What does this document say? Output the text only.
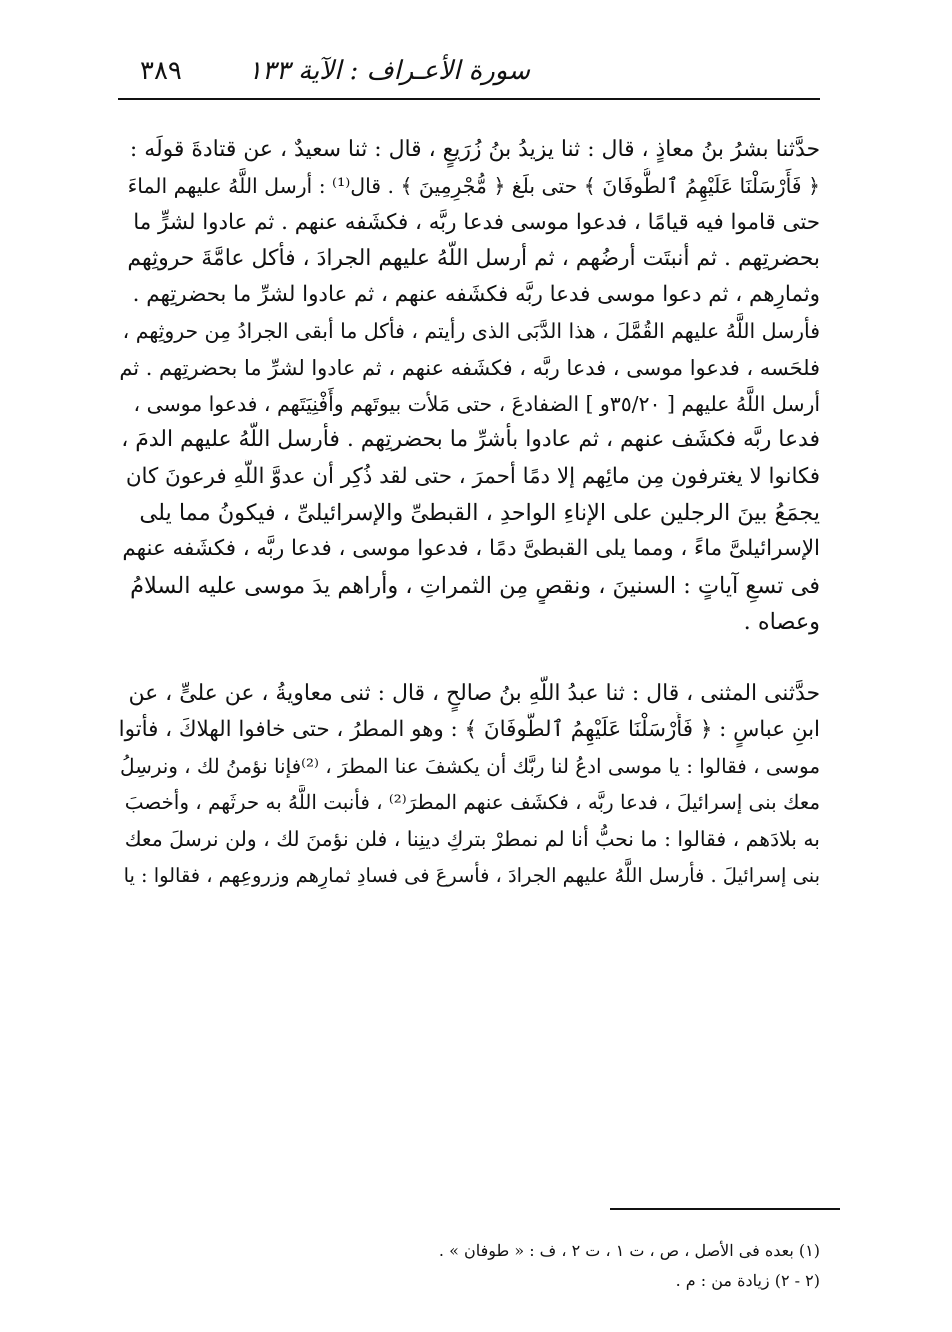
سورة الأعـراف : الآية ١٣٣
٣٨٩
حدَّثنا بشرُ بنُ معاذٍ ، قال : ثنا يزيدُ بنُ زُرَيعٍ ، قال : ثنا سعيدٌ ، عن قتادةَ قولَه :
﴿ فَأَرْسَلْنَا عَلَيْهِمُ ٱلطُّوفَانَ ﴾ حتى بلَغ ﴿ مُّجْرِمِينَ ﴾ . قال⁽¹⁾ : أرسل اللَّهُ عليهم الماءَ
حتى قاموا فيه قيامًا ، فدعوا موسى فدعا ربَّه ، فكشَفه عنهم . ثم عادوا لشرٍّ ما
بحضرتِهم . ثم أنبتَت أرضُهم ، ثم أرسل اللَّهُ عليهم الجرادَ ، فأكل عامَّةَ حروثِهم
وثمارِهم ، ثم دعوا موسى فدعا ربَّه فكشَفه عنهم ، ثم عادوا لشرِّ ما بحضرتِهم .
فأرسل اللَّهُ عليهم القُمَّلَ ، هذا الدَّبَى الذى رأيتم ، فأكل ما أبقى الجرادُ مِن حروثِهم ،
فلحَسه ، فدعوا موسى ، فدعا ربَّه ، فكشَفه عنهم ، ثم عادوا لشرِّ ما بحضرتِهم . ثم
أرسل اللَّهُ عليهم [ ٣٥/٢٠و ] الضفادعَ ، حتى مَلأت بيوتَهم وأَفْنِيَتَهم ، فدعوا موسى ،
فدعا ربَّه فكشَف عنهم ، ثم عادوا بأشرِّ ما بحضرتِهم . فأرسل اللَّهُ عليهم الدمَ ،
فكانوا لا يغترفون مِن مائِهم إلا دمًا أحمرَ ، حتى لقد ذُكِر أن عدوَّ اللَّهِ فرعونَ كان
يجمَعُ بينَ الرجلين على الإناءِ الواحدِ ، القبطىِّ والإسرائيلىِّ ، فيكونُ مما يلى
الإسرائيلىَّ ماءً ، ومما يلى القبطىَّ دمًا ، فدعوا موسى ، فدعا ربَّه ، فكشَفه عنهم
فى تسعِ آياتٍ : السنينَ ، ونقصٍ مِن الثمراتِ ، وأراهم يدَ موسى عليه السلامُ
وعصاه .
حدَّثنى المثنى ، قال : ثنا عبدُ اللَّهِ بنُ صالحٍ ، قال : ثنى معاويةُ ، عن علىٍّ ، عن
ابنِ عباسٍ : ﴿ فَأَرْسَلْنَا عَلَيْهِمُ ٱلطُّوفَانَ ﴾ : وهو المطرُ ، حتى خافوا الهلاكَ ، فأتوا
موسى ، فقالوا : يا موسى ادعُ لنا ربَّك أن يكشفَ عنا المطرَ ، ⁽²⁾فإنا نؤمنُ لك ، ونرسِلُ
معك بنى إسرائيلَ ، فدعا ربَّه ، فكشَف عنهم المطرَ⁽²⁾ ، فأنبت اللَّهُ به حرثَهم ، وأخصبَ
به بلادَهم ، فقالوا : ما نحبُّ أنا لم نمطرْ بتركِ دينِنا ، فلن نؤمنَ لك ، ولن نرسلَ معك
بنى إسرائيلَ . فأرسل اللَّهُ عليهم الجرادَ ، فأسرعَ فى فسادِ ثمارِهم وزروعِهم ، فقالوا : يا
(١) بعده فى الأصل ، ص ، ت ١ ، ت ٢ ، ف : « طوفان » .
(٢ - ٢) زيادة من : م .
